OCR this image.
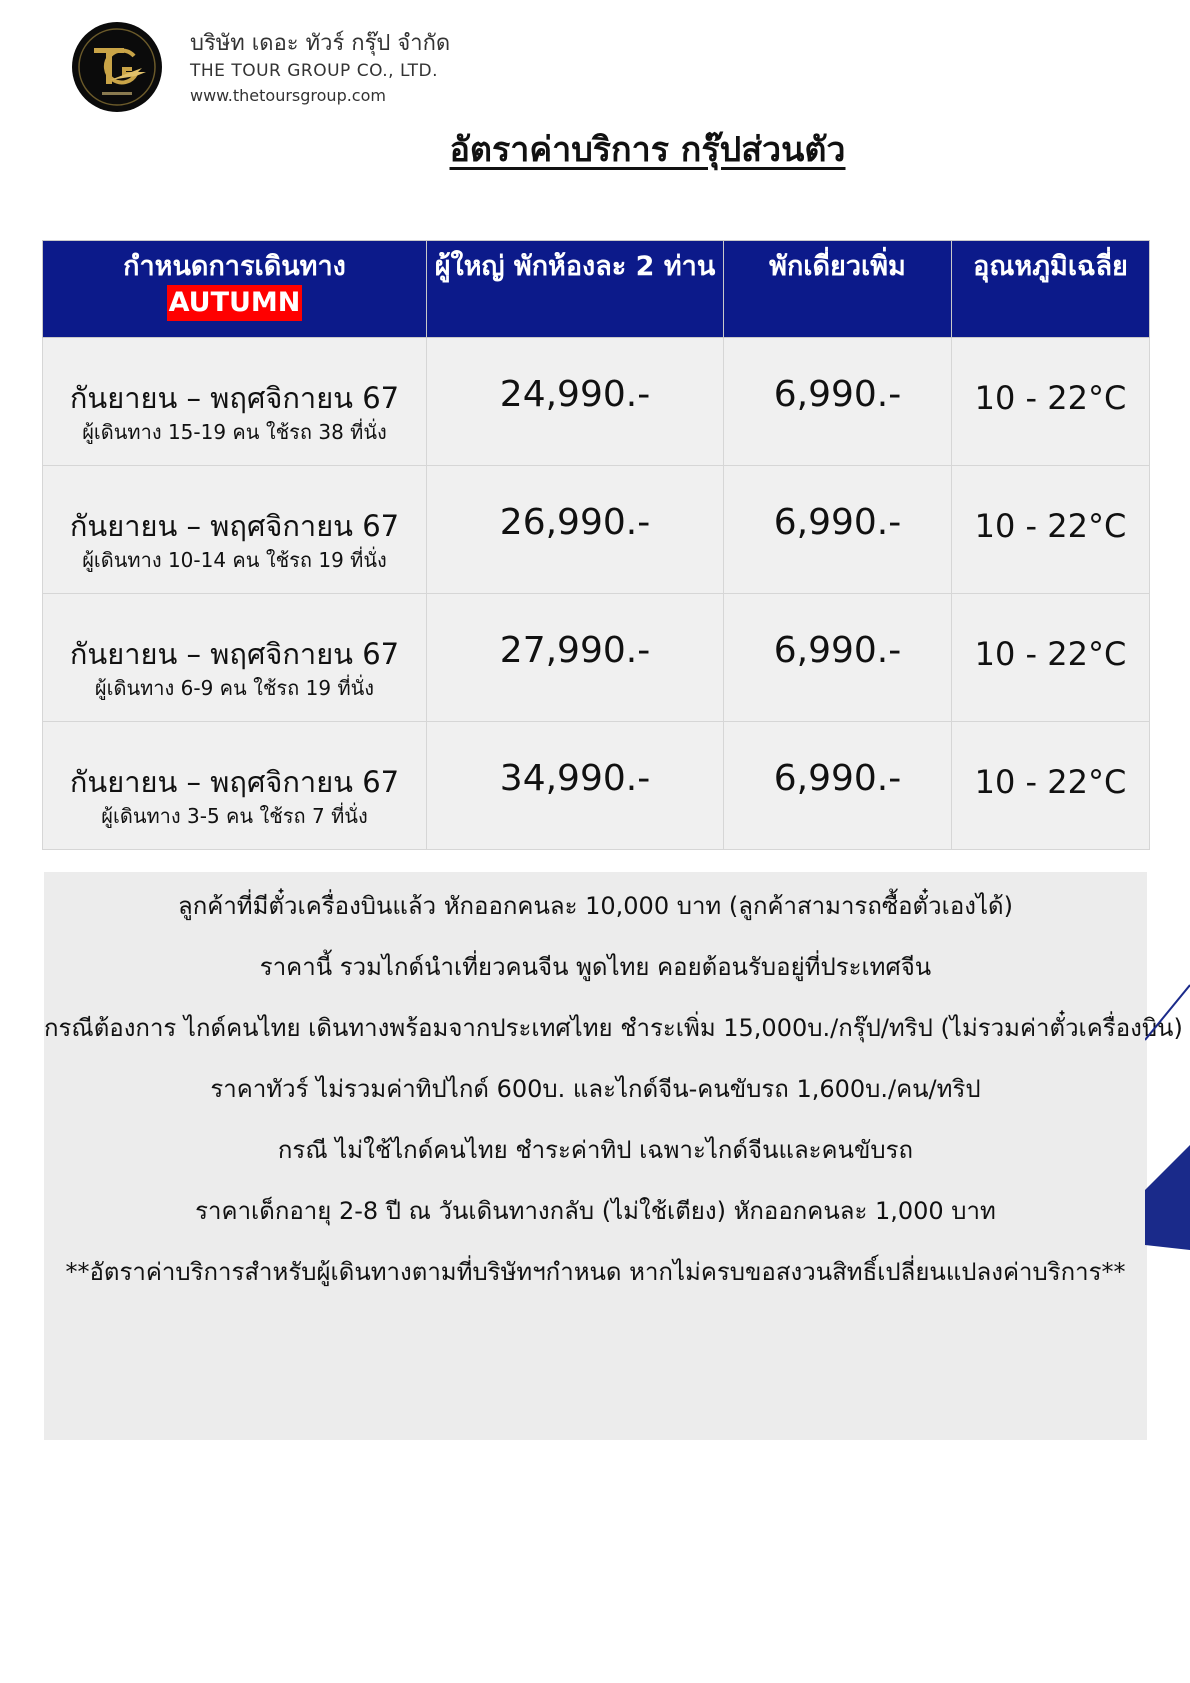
บริษัท เดอะ ทัวร์ กรุ๊ป จำกัด
THE TOUR GROUP CO., LTD.
www.thetoursgroup.com
อัตราค่าบริการ กรุ๊ปส่วนตัว
กำหนดการเดินทาง
AUTUMN	ผู้ใหญ่ พักห้องละ 2 ท่าน	พักเดี่ยวเพิ่ม	อุณหภูมิเฉลี่ย

กันยายน – พฤศจิกายน 67
ผู้เดินทาง 15-19 คน ใช้รถ 38 ที่นั่ง	24,990.-	6,990.-	10 - 22°C

กันยายน – พฤศจิกายน 67
ผู้เดินทาง 10-14 คน ใช้รถ 19 ที่นั่ง	26,990.-	6,990.-	10 - 22°C

กันยายน – พฤศจิกายน 67
ผู้เดินทาง 6-9 คน ใช้รถ 19 ที่นั่ง	27,990.-	6,990.-	10 - 22°C

กันยายน – พฤศจิกายน 67
ผู้เดินทาง 3-5 คน ใช้รถ 7 ที่นั่ง	34,990.-	6,990.-	10 - 22°C
ลูกค้าที่มีตั๋วเครื่องบินแล้ว หักออกคนละ 10,000 บาท (ลูกค้าสามารถซื้อตั๋วเองได้)
ราคานี้ รวมไกด์นำเที่ยวคนจีน พูดไทย คอยต้อนรับอยู่ที่ประเทศจีน
กรณีต้องการ ไกด์คนไทย เดินทางพร้อมจากประเทศไทย ชำระเพิ่ม 15,000บ./กรุ๊ป/ทริป (ไม่รวมค่าตั๋วเครื่องบิน)
ราคาทัวร์ ไม่รวมค่าทิปไกด์ 600บ. และไกด์จีน-คนขับรถ 1,600บ./คน/ทริป
กรณี ไม่ใช้ไกด์คนไทย ชำระค่าทิป เฉพาะไกด์จีนและคนขับรถ
ราคาเด็กอายุ 2-8 ปี ณ วันเดินทางกลับ (ไม่ใช้เตียง) หักออกคนละ 1,000 บาท
**อัตราค่าบริการสำหรับผู้เดินทางตามที่บริษัทฯกำหนด หากไม่ครบขอสงวนสิทธิ์เปลี่ยนแปลงค่าบริการ**
